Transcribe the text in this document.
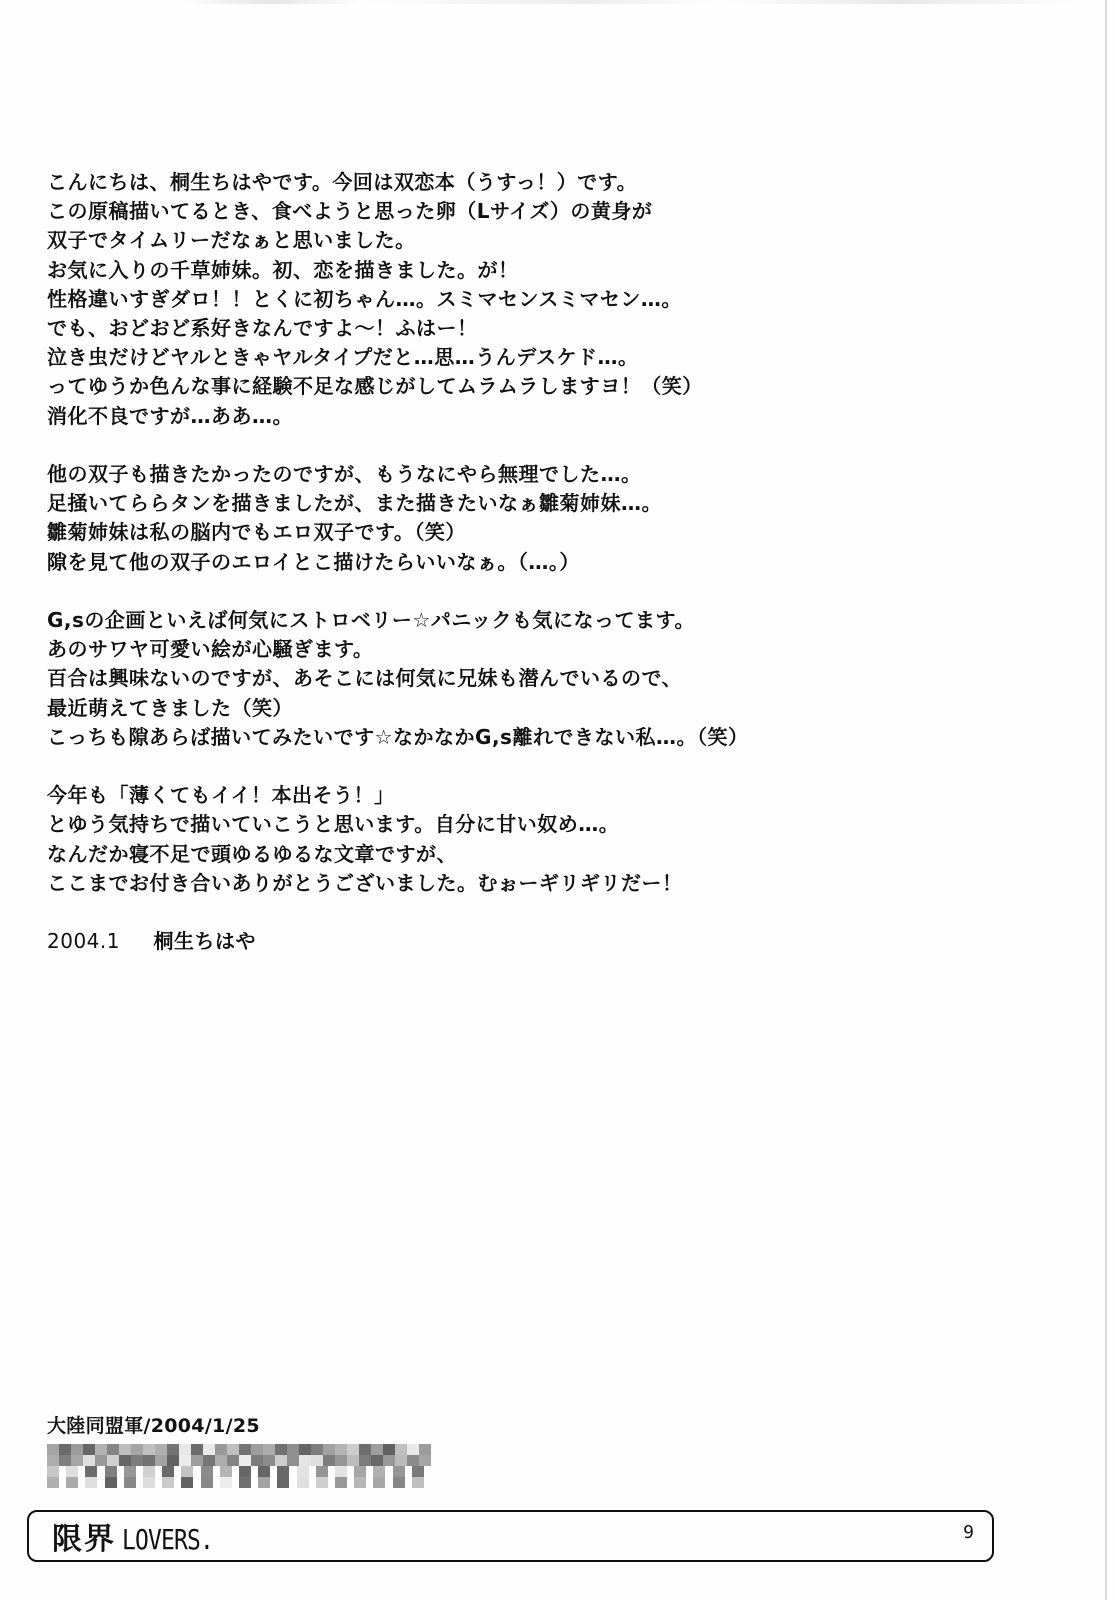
こんにちは、桐生ちはやです。今回は双恋本（うすっ！）です。
この原稿描いてるとき、食べようと思った卵（Lサイズ）の黄身が
双子でタイムリーだなぁと思いました。
お気に入りの千草姉妹。初、恋を描きました。が！
性格違いすぎダロ！！とくに初ちゃん…。スミマセンスミマセン…。
でも、おどおど系好きなんですよ～！ふはー！
泣き虫だけどヤルときゃヤルタイプだと…思…うんデスケド…。
ってゆうか色んな事に経験不足な感じがしてムラムラしますヨ！（笑）
消化不良ですが…ああ…。
他の双子も描きたかったのですが、もうなにやら無理でした…。
足掻いてららタンを描きましたが、また描きたいなぁ雛菊姉妹…。
雛菊姉妹は私の脳内でもエロ双子です。（笑）
隙を見て他の双子のエロイとこ描けたらいいなぁ。（…。）
G,sの企画といえば何気にストロベリー☆パニックも気になってます。
あのサワヤ可愛い絵が心騒ぎます。
百合は興味ないのですが、あそこには何気に兄妹も潜んでいるので、
最近萌えてきました（笑）
こっちも隙あらば描いてみたいです☆なかなかG,s離れできない私…。（笑）
今年も「薄くてもイイ！本出そう！」
とゆう気持ちで描いていこうと思います。自分に甘い奴め…。
なんだか寝不足で頭ゆるゆるな文章ですが、
ここまでお付き合いありがとうございました。むぉーギリギリだー！
2004.1 桐生ちはや
大陸同盟軍/2004/1/25
限界 LOVERS.	9
